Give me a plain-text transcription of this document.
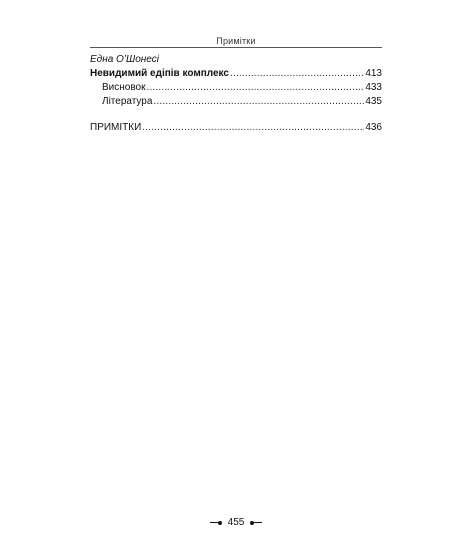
Примітки
Една О’Шонесі
Невидимий едіпів комплекс .....	413
Висновок .....	433
Література .....	435
ПРИМІТКИ .....	436
455
